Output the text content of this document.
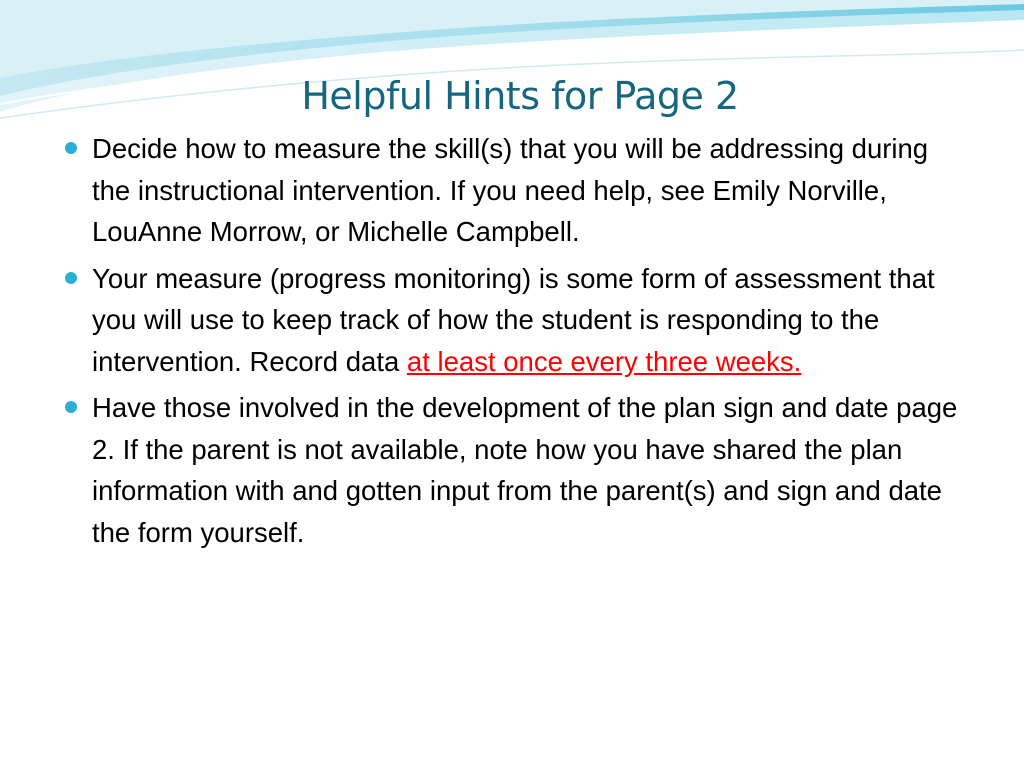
Helpful Hints for Page 2
Decide how to measure the skill(s) that you will be addressing during the instructional intervention. If you need help, see Emily Norville, LouAnne Morrow, or Michelle Campbell.
Your measure (progress monitoring) is some form of assessment that you will use to keep track of how the student is responding to the intervention. Record data at least once every three weeks.
Have those involved in the development of the plan sign and date page 2. If the parent is not available, note how you have shared the plan information with and gotten input from the parent(s) and sign and date the form yourself.
